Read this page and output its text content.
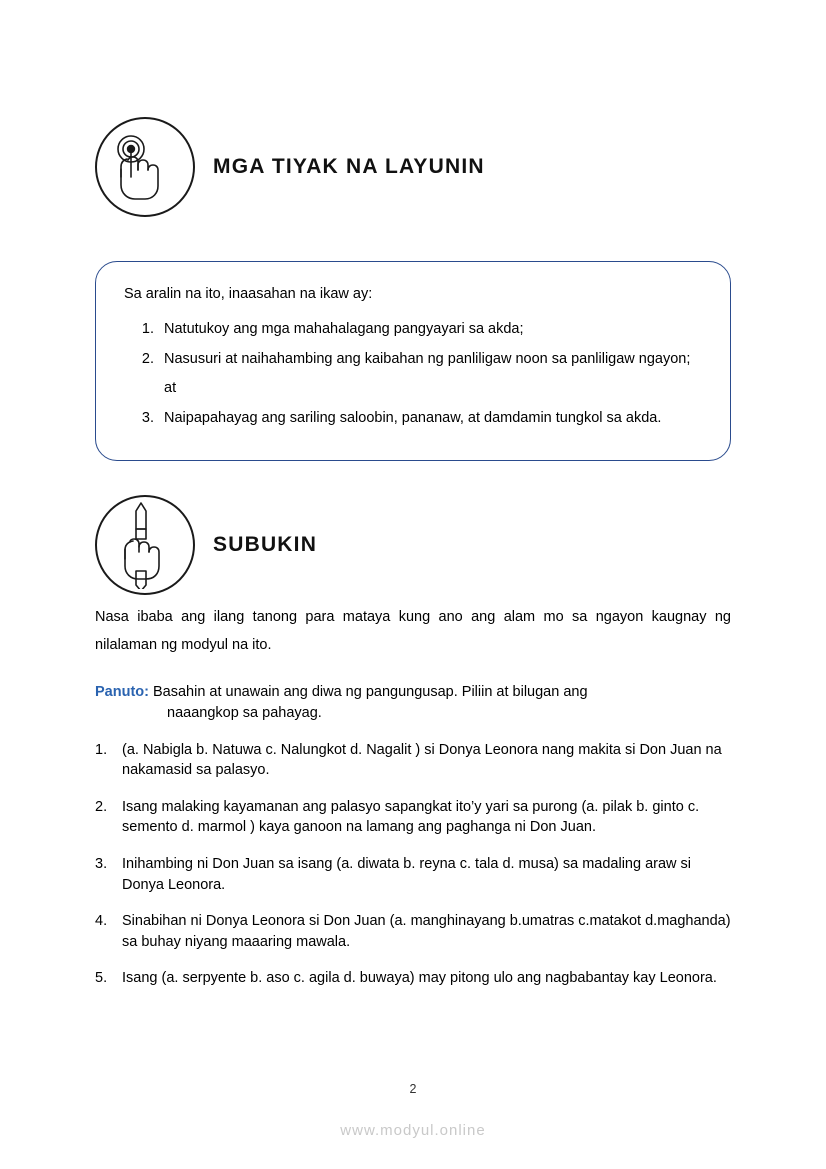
MGA TIYAK NA LAYUNIN

Sa aralin na ito, inaasahan na ikaw ay:

1. Natutukoy ang mga mahahalagang pangyayari sa akda;
2. Nasusuri at naihahambing ang kaibahan ng panliligaw noon sa panliligaw ngayon; at
3. Naipapahayag ang sariling saloobin, pananaw, at damdamin tungkol sa akda.
SUBUKIN

Nasa ibaba ang ilang tanong para mataya kung ano ang alam mo sa ngayon kaugnay ng nilalaman ng modyul na ito.

Panuto: Basahin at unawain ang diwa ng pangungusap. Piliin at bilugan ang
naaangkop sa pahayag.
1.	(a. Nabigla b. Natuwa c. Nalungkot d. Nagalit ) si Donya Leonora nang makita si Don Juan na nakamasid sa palasyo.
2.	Isang malaking kayamanan ang palasyo sapangkat ito’y yari sa purong (a. pilak b. ginto c. semento d. marmol ) kaya ganoon na lamang ang paghanga ni Don Juan.
3.	Inihambing ni Don Juan sa isang (a. diwata b. reyna c. tala d. musa) sa madaling araw si Donya Leonora.
4.	Sinabihan ni Donya Leonora si Don Juan (a. manghinayang b.umatras c.matakot d.maghanda) sa buhay niyang maaaring mawala.
5.	Isang (a. serpyente b. aso c. agila d. buwaya) may pitong ulo ang nagbabantay kay Leonora.
2
www.modyul.online
